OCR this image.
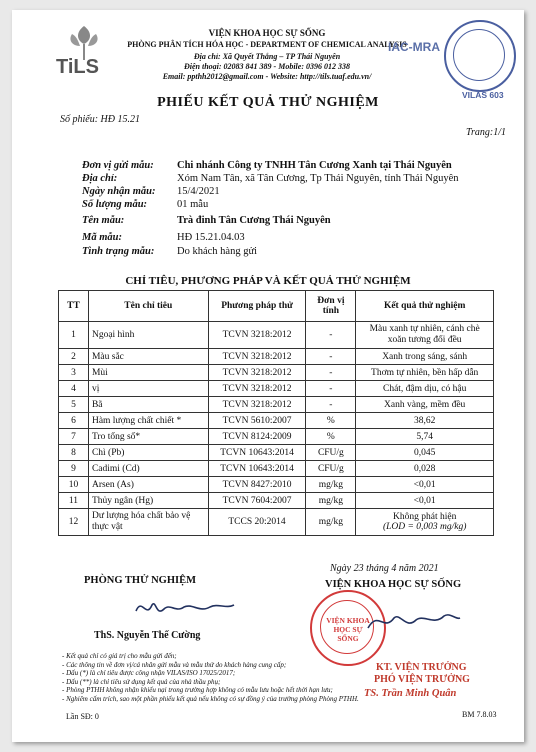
TiLS
VIỆN KHOA HỌC SỰ SỐNG
PHÒNG PHÂN TÍCH HÓA HỌC - DEPARTMENT OF CHEMICAL ANALYSIS
Địa chỉ: Xã Quyết Thắng – TP Thái Nguyên
Điện thoại: 02083 841 389 - Mobile: 0396 012 338
Email: ppthh2012@gmail.com - Website: http://tils.tuaf.edu.vn/
IAC-MRA
VILAS 603
PHIẾU KẾT QUẢ THỬ NGHIỆM
Số phiếu: HĐ 15.21
Trang:1/1
Đơn vị gửi mẫu: Chi nhánh Công ty TNHH Tân Cương Xanh tại Thái Nguyên
Địa chỉ:	Xóm Nam Tân, xã Tân Cương, Tp Thái Nguyên, tỉnh Thái Nguyên
Ngày nhận mẫu: 15/4/2021
Số lượng mẫu:	01 mẫu
Tên mẫu:	Trà đinh Tân Cương Thái Nguyên
Mã mẫu:	HĐ 15.21.04.03
Tình trạng mẫu: Do khách hàng gửi
CHỈ TIÊU, PHƯƠNG PHÁP VÀ KẾT QUẢ THỬ NGHIỆM
TT	Tên chỉ tiêu	Phương pháp thử	Đơn vị tính	Kết quả thử nghiệm
1	Ngoại hình	TCVN 3218:2012	-	Màu xanh tự nhiên, cánh chè xoăn tương đối đều
2	Màu sắc	TCVN 3218:2012	-	Xanh trong sáng, sánh
3	Mùi	TCVN 3218:2012	-	Thơm tự nhiên, bền hấp dẫn
4	vị	TCVN 3218:2012	-	Chát, đậm dịu, có hậu
5	Bã	TCVN 3218:2012	-	Xanh vàng, mềm đều
6	Hàm lượng chất chiết *	TCVN 5610:2007	%	38,62
7	Tro tổng số*	TCVN 8124:2009	%	5,74
8	Chì (Pb)	TCVN 10643:2014	CFU/g	0,045
9	Cadimi (Cd)	TCVN 10643:2014	CFU/g	0,028
10	Arsen (As)	TCVN 8427:2010	mg/kg	<0,01
11	Thủy ngân (Hg)	TCVN 7604:2007	mg/kg	<0,01
12	Dư lượng hóa chất bảo vệ thực vật	TCCS 20:2014	mg/kg	Không phát hiện
(LOD = 0,003 mg/kg)
Ngày 23 tháng 4 năm 2021
PHÒNG THỬ NGHIỆM	VIỆN KHOA HỌC SỰ SỐNG
ThS. Nguyễn Thế Cường
VIỆN KHOA HỌC SỰ SỐNG
KT. VIỆN TRƯỞNG
PHÓ VIỆN TRƯỞNG
TS. Trần Minh Quân
- Kết quả chỉ có giá trị cho mẫu gửi đến;
- Các thông tin về đơn vị/cá nhân gửi mẫu và mẫu thử do khách hàng cung cấp;
- Dấu (*) là chỉ tiêu được công nhận VILAS/ISO 17025/2017;
- Dấu (**) là chỉ tiêu sử dụng kết quả của nhà thầu phụ;
- Phòng PTHH không nhận khiếu nại trong trường hợp không có mẫu lưu hoặc hết thời hạn lưu;
- Nghiêm cấm trích, sao một phần phiếu kết quả nếu không có sự đồng ý của trường phòng Phòng PTHH.
Lần SĐ: 0	BM 7.8.03
